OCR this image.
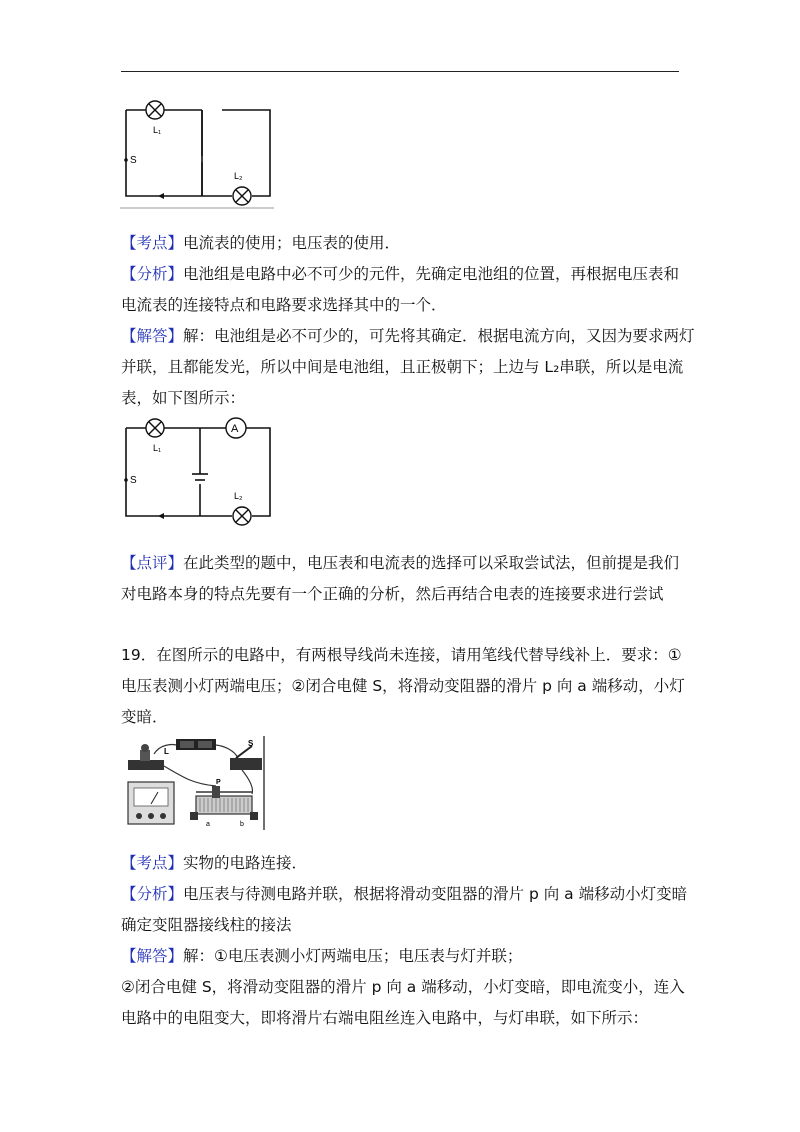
L₁
L₂
S
【考点】电流表的使用；电压表的使用．
【分析】电池组是电路中必不可少的元件，先确定电池组的位置，再根据电压表和
电流表的连接特点和电路要求选择其中的一个．
【解答】解：电池组是必不可少的，可先将其确定．根据电流方向，又因为要求两灯
并联，且都能发光，所以中间是电池组，且正极朝下；上边与 L₂串联，所以是电流
表，如下图所示：
A
L₁
L₂
S
【点评】在此类型的题中，电压表和电流表的选择可以采取尝试法，但前提是我们
对电路本身的特点先要有一个正确的分析，然后再结合电表的连接要求进行尝试
19．在图所示的电路中，有两根导线尚未连接，请用笔线代替导线补上．要求：①
电压表测小灯两端电压；②闭合电健 S，将滑动变阻器的滑片 p 向 a 端移动，小灯
变暗．
L
S
P
a	b
【考点】实物的电路连接．
【分析】电压表与待测电路并联，根据将滑动变阻器的滑片 p 向 a 端移动小灯变暗
确定变阻器接线柱的接法
【解答】解：①电压表测小灯两端电压；电压表与灯并联；
②闭合电健 S，将滑动变阻器的滑片 p 向 a 端移动，小灯变暗，即电流变小，连入
电路中的电阻变大，即将滑片右端电阻丝连入电路中，与灯串联，如下所示：
